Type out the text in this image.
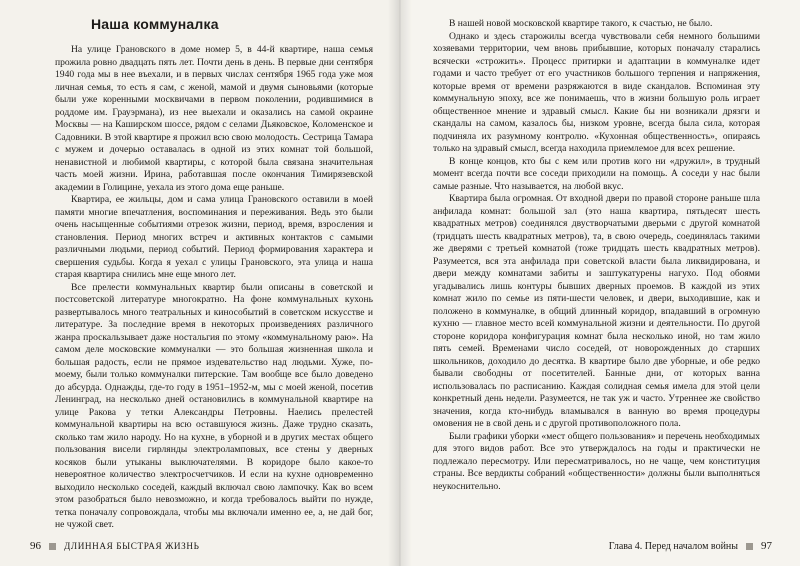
Наша коммуналка

На улице Грановского в доме номер 5, в 44-й квартире, наша семья прожила ровно двадцать пять лет. Почти день в день. В первые дни сентября 1940 года мы в нее въехали, и в первых числах сентября 1965 года уже моя личная семья, то есть я сам, с женой, мамой и двумя сыновьями (которые были уже коренными москвичами в первом поколении, родившимися в роддоме им. Грауэрмана), из нее выехали и оказались на самой окраине Москвы — на Каширском шоссе, рядом с селами Дьяковское, Коломенское и Садовники. В этой квартире я прожил всю свою молодость. Сестрица Тамара с мужем и дочерью оставалась в одной из этих комнат той большой, ненавистной и любимой квартиры, с которой была связана значительная часть моей жизни. Ирина, работавшая после окончания Тимирязевской академии в Голицине, уехала из этого дома еще раньше.

Квартира, ее жильцы, дом и сама улица Грановского оставили в моей памяти многие впечатления, воспоминания и переживания. Ведь это были очень насыщенные событиями отрезок жизни, период, время, взросления и становления. Период многих встреч и активных контактов с самыми различными людьми, период событий. Период формирования характера и свершения судьбы. Когда я уехал с улицы Грановского, эта улица и наша старая квартира снились мне еще много лет.

Все прелести коммунальных квартир были описаны в советской и постсоветской литературе многократно. На фоне коммунальных кухонь развертывалось много театральных и кинособытий в советском искусстве и литературе. За последние время в некоторых произведениях различного жанра проскальзывает даже ностальгия по этому «коммунальному раю». На самом деле московские коммуналки — это большая жизненная школа и большая радость, если не прямое издевательство над людьми. Хуже, по-моему, были только коммуналки питерские. Там вообще все было доведено до абсурда. Однажды, где-то году в 1951–1952-м, мы с моей женой, посетив Ленинград, на несколько дней остановились в коммунальной квартире на улице Ракова у тетки Александры Петровны. Наелись прелестей коммунальной квартиры на всю оставшуюся жизнь. Даже трудно сказать, сколько там жило народу. Но на кухне, в уборной и в других местах общего пользования висели гирлянды электроламповых, все стены у дверных косяков были утыканы выключателями. В коридоре было какое-то невероятное количество электросчетчиков. И если на кухне одновременно выходило несколько соседей, каждый включал свою лампочку. Как во всем этом разобраться было невозможно, и когда требовалось выйти по нужде, тетка поначалу сопровождала, чтобы мы включали именно ее, а, не дай бог, не чужой свет.

96	ДЛИННАЯ БЫСТРАЯ ЖИЗНЬ

В нашей новой московской квартире такого, к счастью, не было.

Однако и здесь старожилы всегда чувствовали себя немного большими хозяевами территории, чем вновь прибывшие, которых поначалу старались всячески «строжить». Процесс притирки и адаптации в коммуналке идет годами и часто требует от его участников большого терпения и напряжения, которые время от времени разряжаются в виде скандалов. Вспоминая эту коммунальную эпоху, все же понимаешь, что в жизни большую роль играет общественное мнение и здравый смысл. Какие бы ни возникали дрязги и скандалы на самом, казалось бы, низком уровне, всегда была сила, которая подчиняла их разумному контролю. «Кухонная общественность», опираясь только на здравый смысл, всегда находила приемлемое для всех решение.

В конце концов, кто бы с кем или против кого ни «дружил», в трудный момент всегда почти все соседи приходили на помощь. А соседи у нас были самые разные. Что называется, на любой вкус.

Квартира была огромная. От входной двери по правой стороне раньше шла анфилада комнат: большой зал (это наша квартира, пятьдесят шесть квадратных метров) соединялся двустворчатыми дверьми с другой комнатой (тридцать шесть квадратных метров), та, в свою очередь, соединялась такими же дверями с третьей комнатой (тоже тридцать шесть квадратных метров). Разумеется, вся эта анфилада при советской власти была ликвидирована, и двери между комнатами забиты и заштукатурены нагухо. Под обоями угадывались лишь контуры бывших дверных проемов. В каждой из этих комнат жило по семье из пяти-шести человек, и двери, выходившие, как и положено в коммуналке, в общий длинный коридор, впадавший в огромную кухню — главное место всей коммунальной жизни и деятельности. По другой стороне коридора конфигурация комнат была несколько иной, но там жило пять семей. Временами число соседей, от новорожденных до старших школьников, доходило до десятка. В квартире было две уборные, и обе редко бывали свободны от посетителей. Банные дни, от которых ванна использовалась по расписанию. Каждая солидная семья имела для этой цели конкретный день недели. Разумеется, не так уж и часто. Утреннее же свойство значения, когда кто-нибудь вламывался в ванную во время процедуры омовения не в свой день и с другой противоположного пола.

Были графики уборки «мест общего пользования» и перечень необходимых для этого видов работ. Все это утверждалось на годы и практически не подлежало пересмотру. Или пересматривалось, но не чаще, чем конституция страны. Все вердикты собраний «общественности» должны были выполняться неукоснительно.

Глава 4. Перед началом войны 97
